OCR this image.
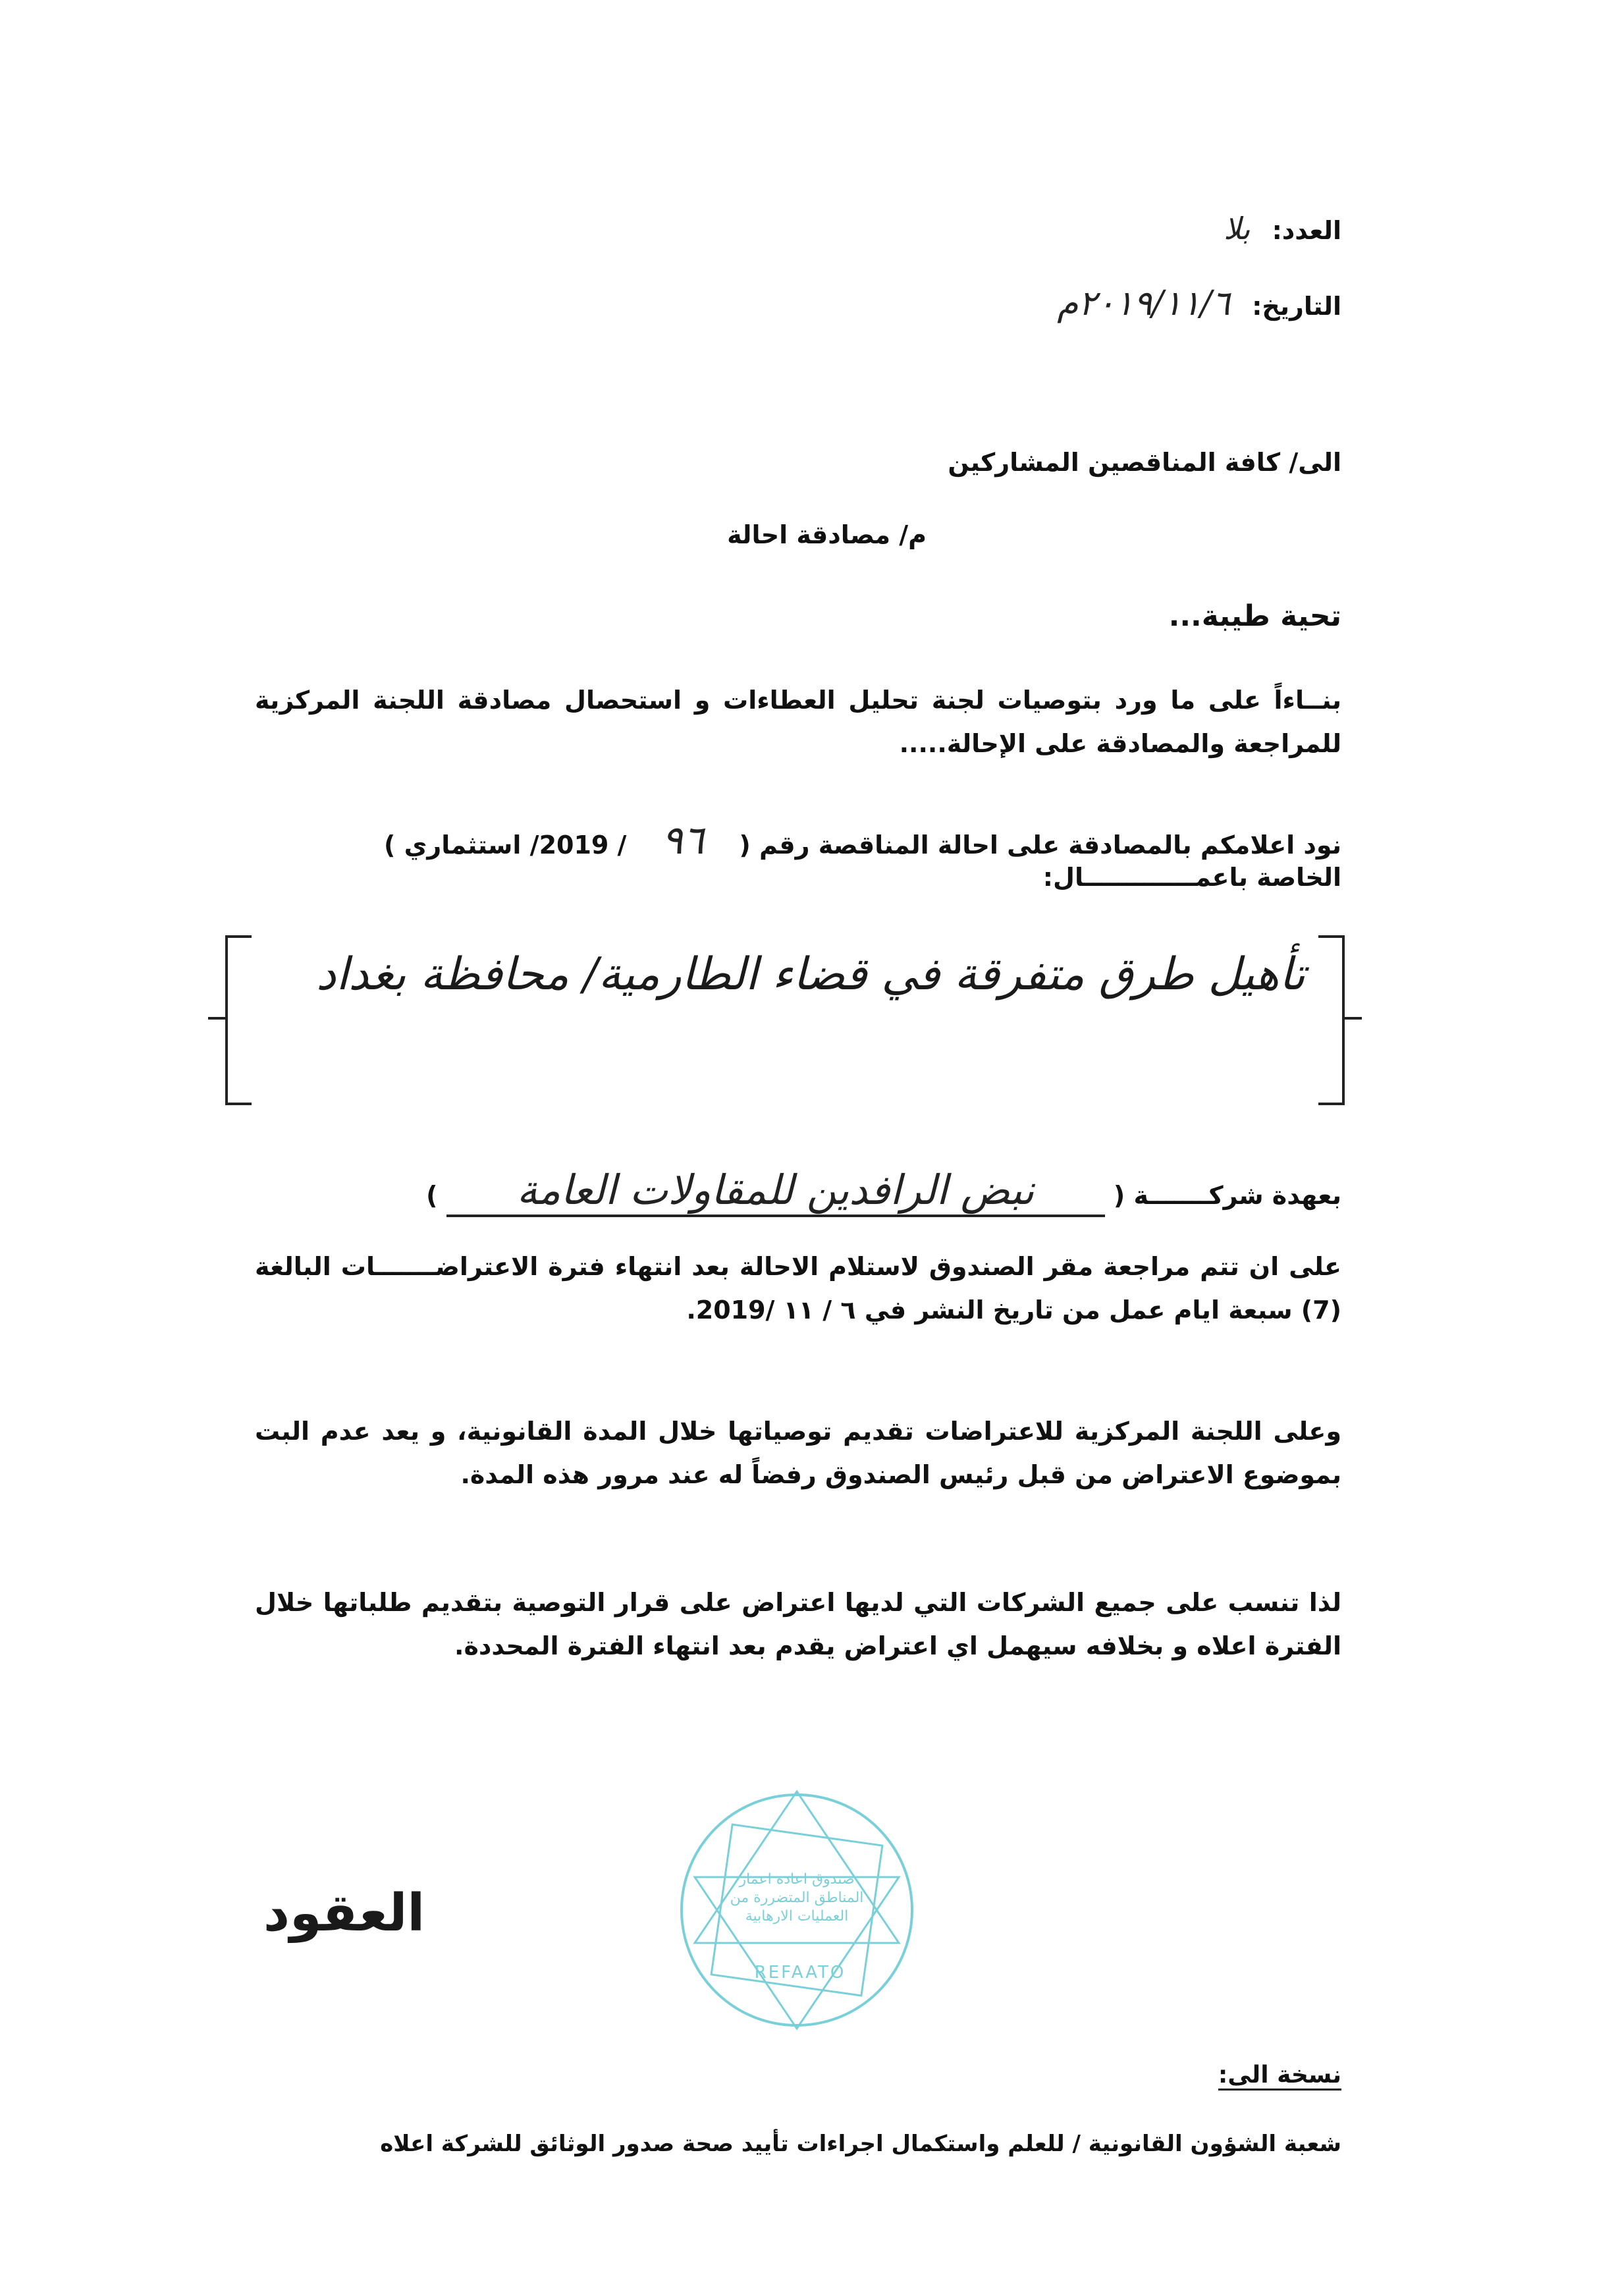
العدد: بلا
التاريخ: ٢٠١٩/١١/٦م
الى/ كافة المناقصين المشاركين
م/ مصادقة احالة
تحية طيبة...
بنــاءاً على ما ورد بتوصيات لجنة تحليل العطاءات و استحصال مصادقة اللجنة المركزية للمراجعة والمصادقة على الإحالة.....
نود اعلامكم بالمصادقة على احالة المناقصة رقم ( ٩٦ / 2019/ استثماري )
الخاصة باعمـــــــــــــال:
تأهيل طرق متفرقة في قضاء الطارمية/ محافظة بغداد
بعهدة شركـــــــة ( نبض الرافدين للمقاولات العامة )
على ان تتم مراجعة مقر الصندوق لاستلام الاحالة بعد انتهاء فترة الاعتراضـــــــات البالغة (7) سبعة ايام عمل من تاريخ النشر في ٦ / ١١ /2019.
وعلى اللجنة المركزية للاعتراضات تقديم توصياتها خلال المدة القانونية، و يعد عدم البت بموضوع الاعتراض من قبل رئيس الصندوق رفضاً له عند مرور هذه المدة.
لذا تنسب على جميع الشركات التي لديها اعتراض على قرار التوصية بتقديم طلباتها خلال الفترة اعلاه و بخلافه سيهمل اي اعتراض يقدم بعد انتهاء الفترة المحددة.
صندوق اعادة اعمار المناطق المتضررة من العمليات الارهابية
REFAATO
العقود
نسخة الى:
شعبة الشؤون القانونية / للعلم واستكمال اجراءات تأييد صحة صدور الوثائق للشركة اعلاه
